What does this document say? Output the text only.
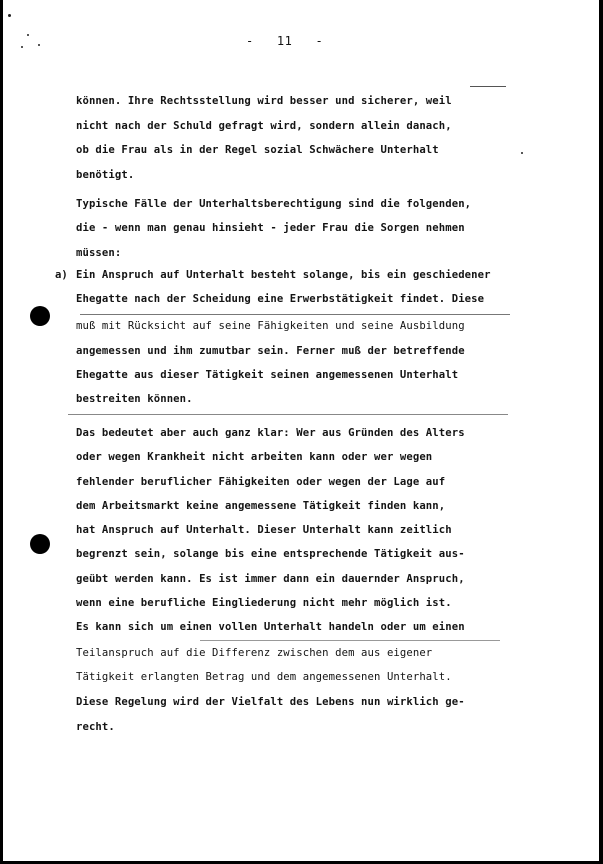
-   11   -
können. Ihre Rechtsstellung wird besser und sicherer, weil
nicht nach der Schuld gefragt wird, sondern allein danach,
ob die Frau als in der Regel sozial Schwächere Unterhalt
benötigt.
Typische Fälle der Unterhaltsberechtigung sind die folgenden,
die - wenn man genau hinsieht - jeder Frau die Sorgen nehmen
müssen:
a) Ein Anspruch auf Unterhalt besteht solange, bis ein geschiedener
Ehegatte nach der Scheidung eine Erwerbstätigkeit findet. Diese
muß mit Rücksicht auf seine Fähigkeiten und seine Ausbildung
angemessen und ihm zumutbar sein. Ferner muß der betreffende
Ehegatte aus dieser Tätigkeit seinen angemessenen Unterhalt
bestreiten können.
Das bedeutet aber auch ganz klar: Wer aus Gründen des Alters
oder wegen Krankheit nicht arbeiten kann oder wer wegen
fehlender beruflicher Fähigkeiten oder wegen der Lage auf
dem Arbeitsmarkt keine angemessene Tätigkeit finden kann,
hat Anspruch auf Unterhalt. Dieser Unterhalt kann zeitlich
begrenzt sein, solange bis eine entsprechende Tätigkeit aus-
geübt werden kann. Es ist immer dann ein dauernder Anspruch,
wenn eine berufliche Eingliederung nicht mehr möglich ist.
Es kann sich um einen vollen Unterhalt handeln oder um einen
Teilanspruch auf die Differenz zwischen dem aus eigener
Tätigkeit erlangten Betrag und dem angemessenen Unterhalt.
Diese Regelung wird der Vielfalt des Lebens nun wirklich ge-
recht.
